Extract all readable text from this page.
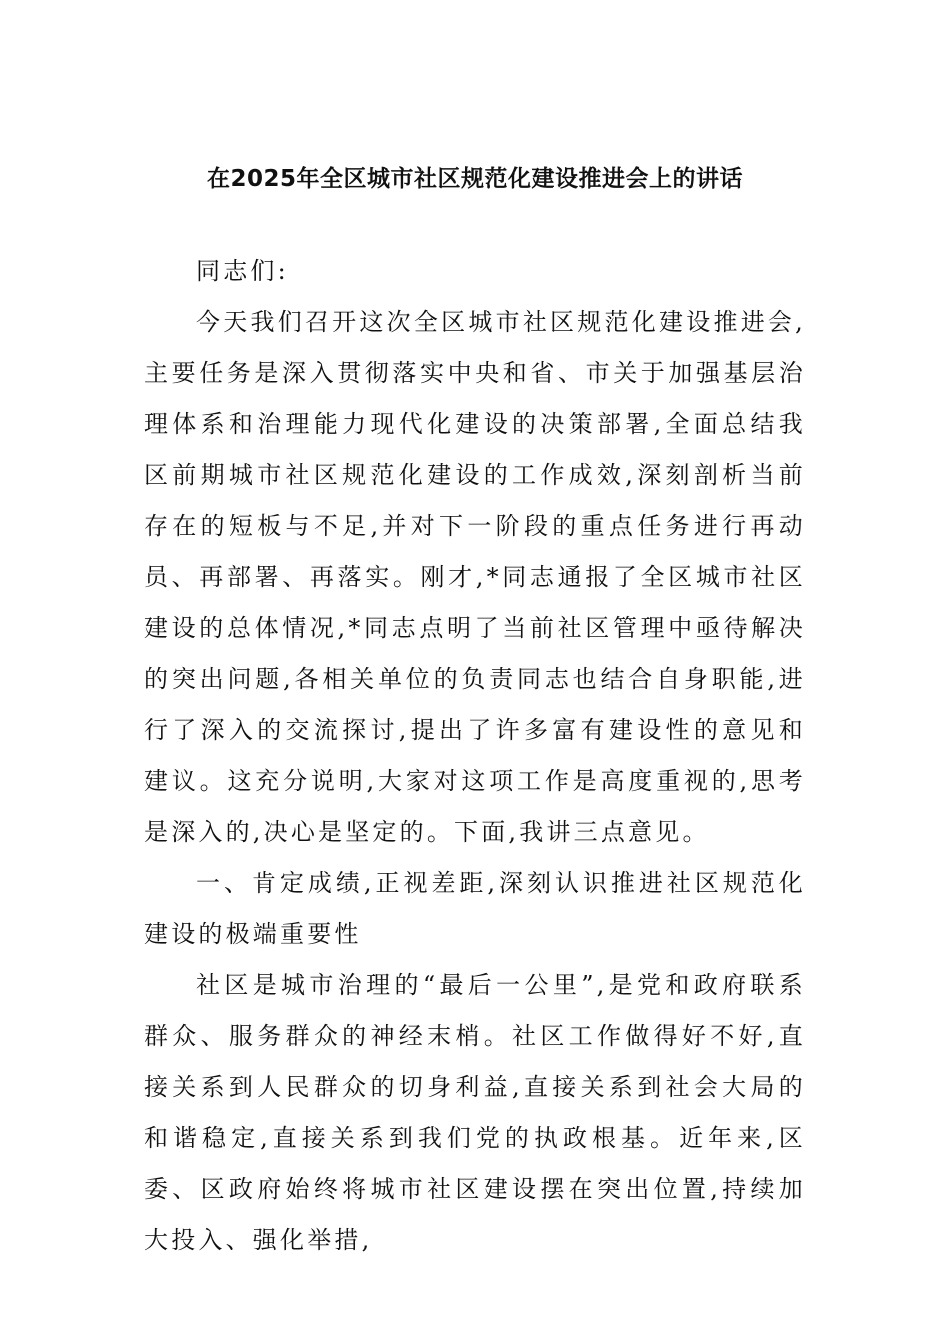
在2025年全区城市社区规范化建设推进会上的讲话

同志们:

今天我们召开这次全区城市社区规范化建设推进会,主要任务是深入贯彻落实中央和省、市关于加强基层治理体系和治理能力现代化建设的决策部署,全面总结我区前期城市社区规范化建设的工作成效,深刻剖析当前存在的短板与不足,并对下一阶段的重点任务进行再动员、再部署、再落实。刚才,*同志通报了全区城市社区建设的总体情况,*同志点明了当前社区管理中亟待解决的突出问题,各相关单位的负责同志也结合自身职能,进行了深入的交流探讨,提出了许多富有建设性的意见和建议。这充分说明,大家对这项工作是高度重视的,思考是深入的,决心是坚定的。下面,我讲三点意见。

一、肯定成绩,正视差距,深刻认识推进社区规范化建设的极端重要性

社区是城市治理的“最后一公里”,是党和政府联系群众、服务群众的神经末梢。社区工作做得好不好,直接关系到人民群众的切身利益,直接关系到社会大局的和谐稳定,直接关系到我们党的执政根基。近年来,区委、区政府始终将城市社区建设摆在突出位置,持续加大投入、强化举措,
